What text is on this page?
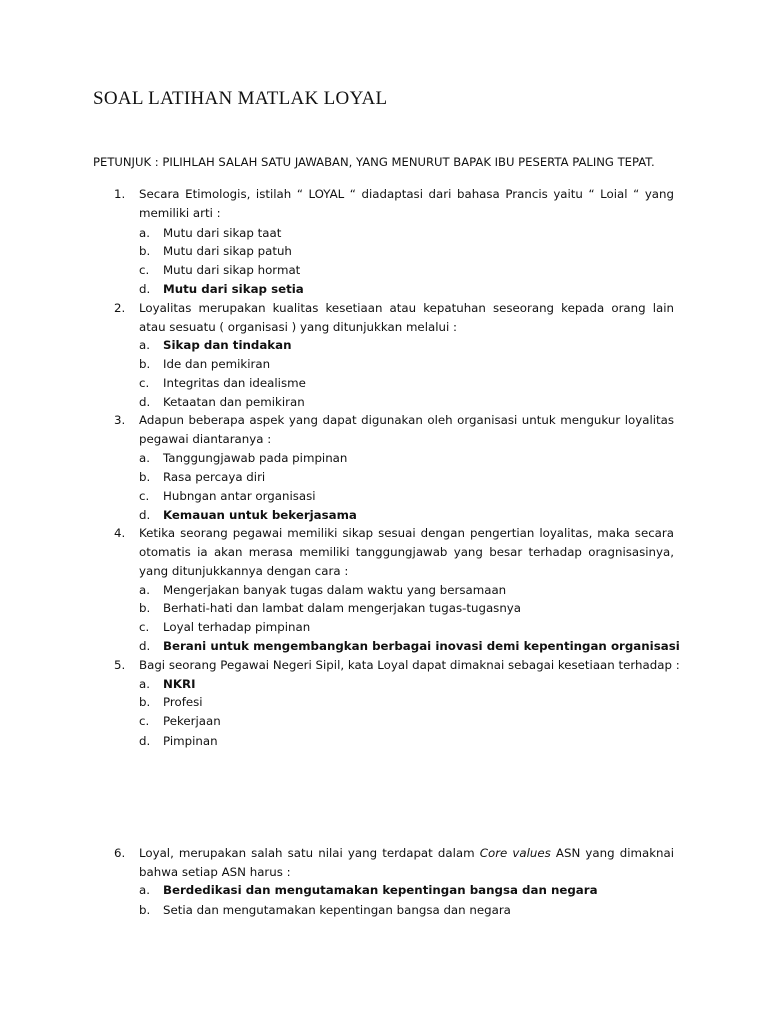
SOAL LATIHAN MATLAK LOYAL
PETUNJUK : PILIHLAH SALAH SATU JAWABAN, YANG MENURUT BAPAK IBU PESERTA PALING TEPAT.
1. Secara Etimologis, istilah “ LOYAL “ diadaptasi dari bahasa Prancis yaitu “ Loial “ yang memiliki arti :
a. Mutu dari sikap taat
b. Mutu dari sikap patuh
c. Mutu dari sikap hormat
d. Mutu dari sikap setia
2. Loyalitas merupakan kualitas kesetiaan atau kepatuhan seseorang kepada orang lain atau sesuatu ( organisasi ) yang ditunjukkan melalui :
a. Sikap dan tindakan
b. Ide dan pemikiran
c. Integritas dan idealisme
d. Ketaatan dan pemikiran
3. Adapun beberapa aspek yang dapat digunakan oleh organisasi untuk mengukur loyalitas pegawai diantaranya :
a. Tanggungjawab pada pimpinan
b. Rasa percaya diri
c. Hubngan antar organisasi
d. Kemauan untuk bekerjasama
4. Ketika seorang pegawai memiliki sikap sesuai dengan pengertian loyalitas, maka secara otomatis ia akan merasa memiliki tanggungjawab yang besar terhadap oragnisasinya, yang ditunjukkannya dengan cara :
a. Mengerjakan banyak tugas dalam waktu yang bersamaan
b. Berhati-hati dan lambat dalam mengerjakan tugas-tugasnya
c. Loyal terhadap pimpinan
d. Berani untuk mengembangkan berbagai inovasi demi kepentingan organisasi
5. Bagi seorang Pegawai Negeri Sipil, kata Loyal dapat dimaknai sebagai kesetiaan terhadap :
a. NKRI
b. Profesi
c. Pekerjaan
d. Pimpinan
6. Loyal, merupakan salah satu nilai yang terdapat dalam Core values ASN yang dimaknai bahwa setiap ASN harus :
a. Berdedikasi dan mengutamakan kepentingan bangsa dan negara
b. Setia dan mengutamakan kepentingan bangsa dan negara
